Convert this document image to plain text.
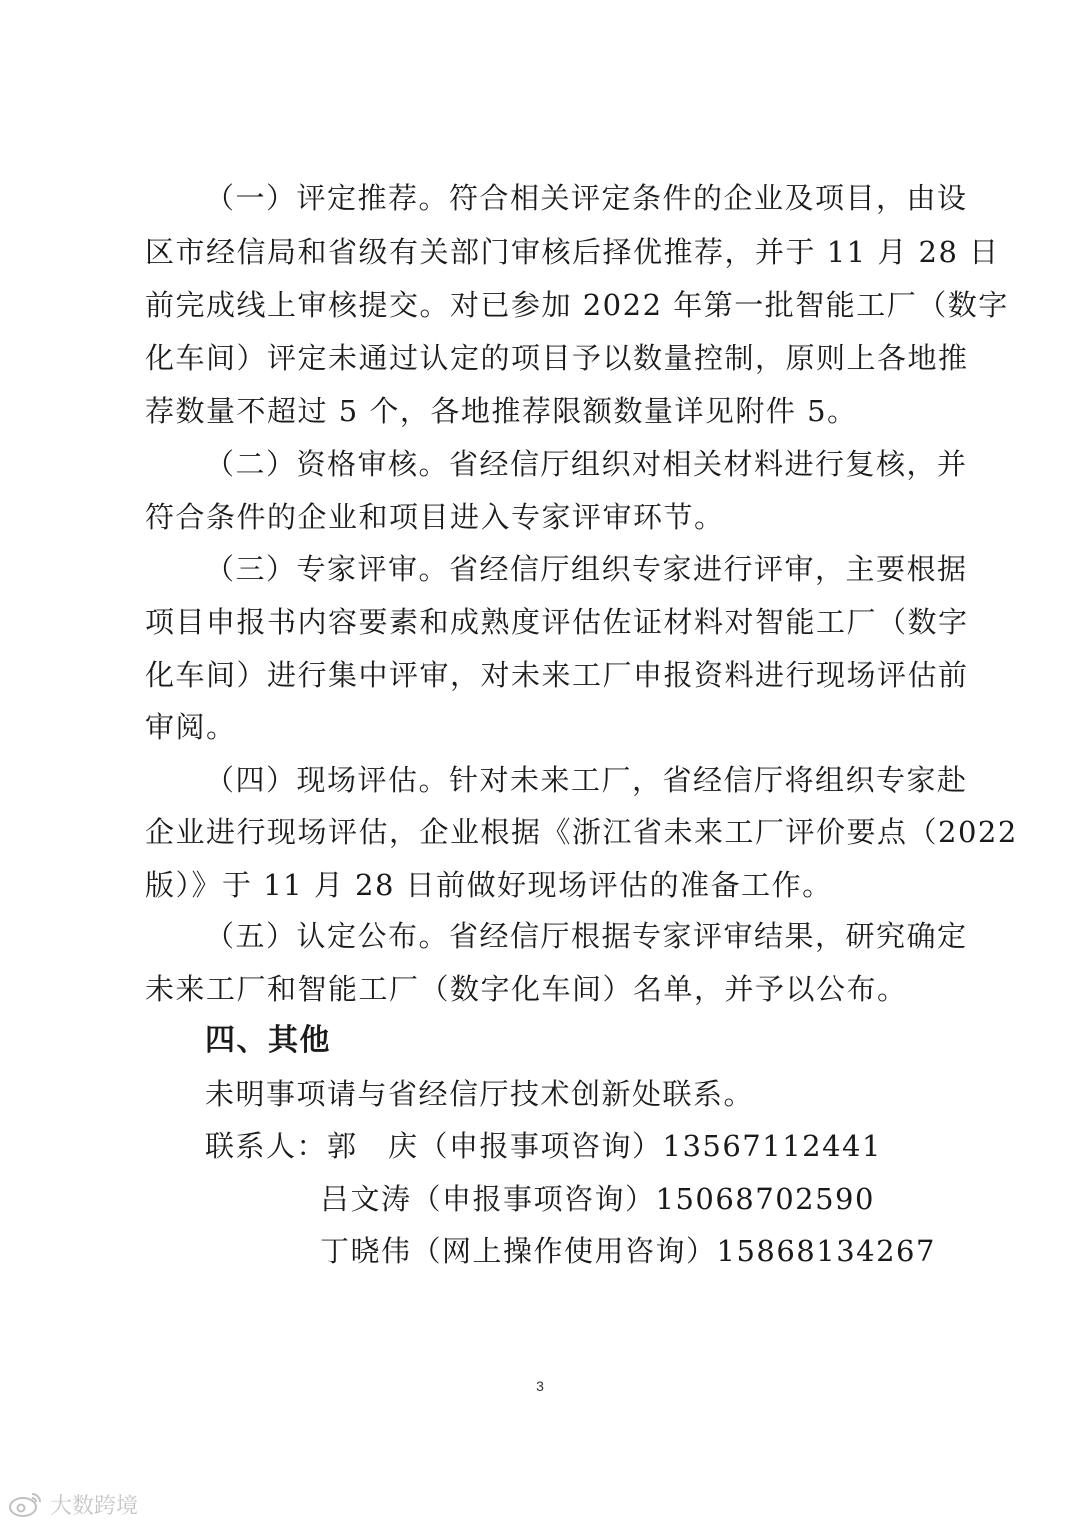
（一）评定推荐。符合相关评定条件的企业及项目，由设
区市经信局和省级有关部门审核后择优推荐，并于 11 月 28 日
前完成线上审核提交。对已参加 2022 年第一批智能工厂（数字
化车间）评定未通过认定的项目予以数量控制，原则上各地推
荐数量不超过 5 个，各地推荐限额数量详见附件 5。
（二）资格审核。省经信厅组织对相关材料进行复核，并
符合条件的企业和项目进入专家评审环节。
（三）专家评审。省经信厅组织专家进行评审，主要根据
项目申报书内容要素和成熟度评估佐证材料对智能工厂（数字
化车间）进行集中评审，对未来工厂申报资料进行现场评估前
审阅。
（四）现场评估。针对未来工厂，省经信厅将组织专家赴
企业进行现场评估，企业根据《浙江省未来工厂评价要点（2022
版）》于 11 月 28 日前做好现场评估的准备工作。
（五）认定公布。省经信厅根据专家评审结果，研究确定
未来工厂和智能工厂（数字化车间）名单，并予以公布。
四、其他
未明事项请与省经信厅技术创新处联系。
联系人：郭　庆（申报事项咨询）13567112441
吕文涛（申报事项咨询）15068702590
丁晓伟（网上操作使用咨询）15868134267
3
大数跨境
